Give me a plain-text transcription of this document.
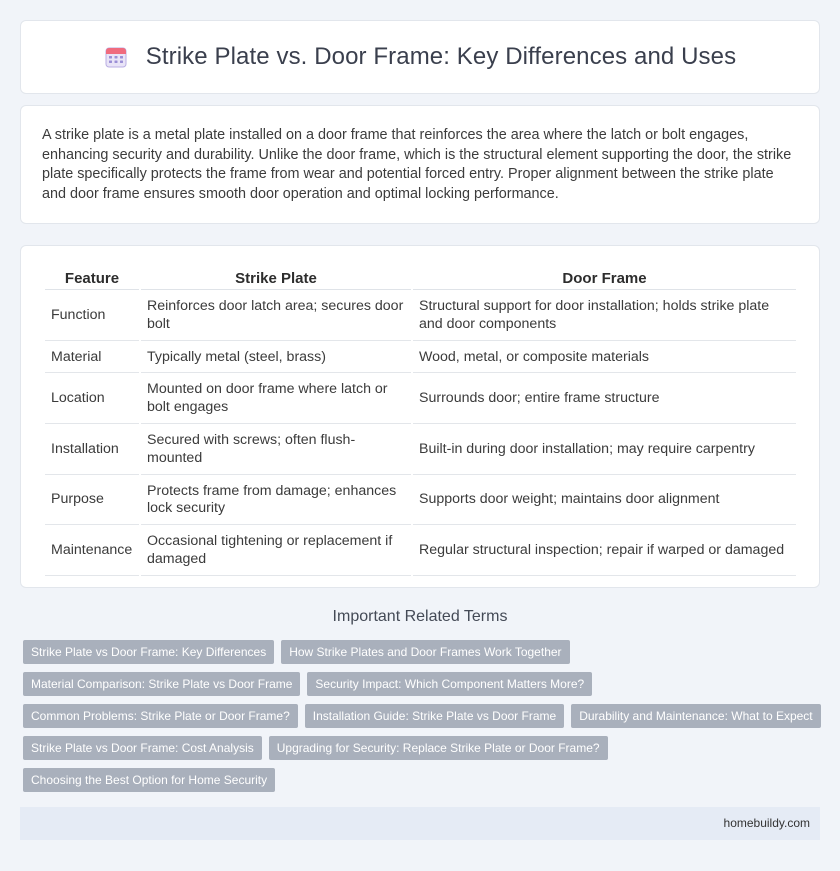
Strike Plate vs. Door Frame: Key Differences and Uses

A strike plate is a metal plate installed on a door frame that reinforces the area where the latch or bolt engages, enhancing security and durability. Unlike the door frame, which is the structural element supporting the door, the strike plate specifically protects the frame from wear and potential forced entry. Proper alignment between the strike plate and door frame ensures smooth door operation and optimal locking performance.

Feature	Strike Plate	Door Frame
Function	Reinforces door latch area; secures door bolt	Structural support for door installation; holds strike plate and door components
Material	Typically metal (steel, brass)	Wood, metal, or composite materials
Location	Mounted on door frame where latch or bolt engages	Surrounds door; entire frame structure
Installation	Secured with screws; often flush-mounted	Built-in during door installation; may require carpentry
Purpose	Protects frame from damage; enhances lock security	Supports door weight; maintains door alignment
Maintenance	Occasional tightening or replacement if damaged	Regular structural inspection; repair if warped or damaged
Important Related Terms
Strike Plate vs Door Frame: Key Differences	How Strike Plates and Door Frames Work Together
Material Comparison: Strike Plate vs Door Frame	Security Impact: Which Component Matters More?
Common Problems: Strike Plate or Door Frame?	Installation Guide: Strike Plate vs Door Frame	Durability and Maintenance: What to Expect
Strike Plate vs Door Frame: Cost Analysis	Upgrading for Security: Replace Strike Plate or Door Frame?
Choosing the Best Option for Home Security
homebuildy.com
